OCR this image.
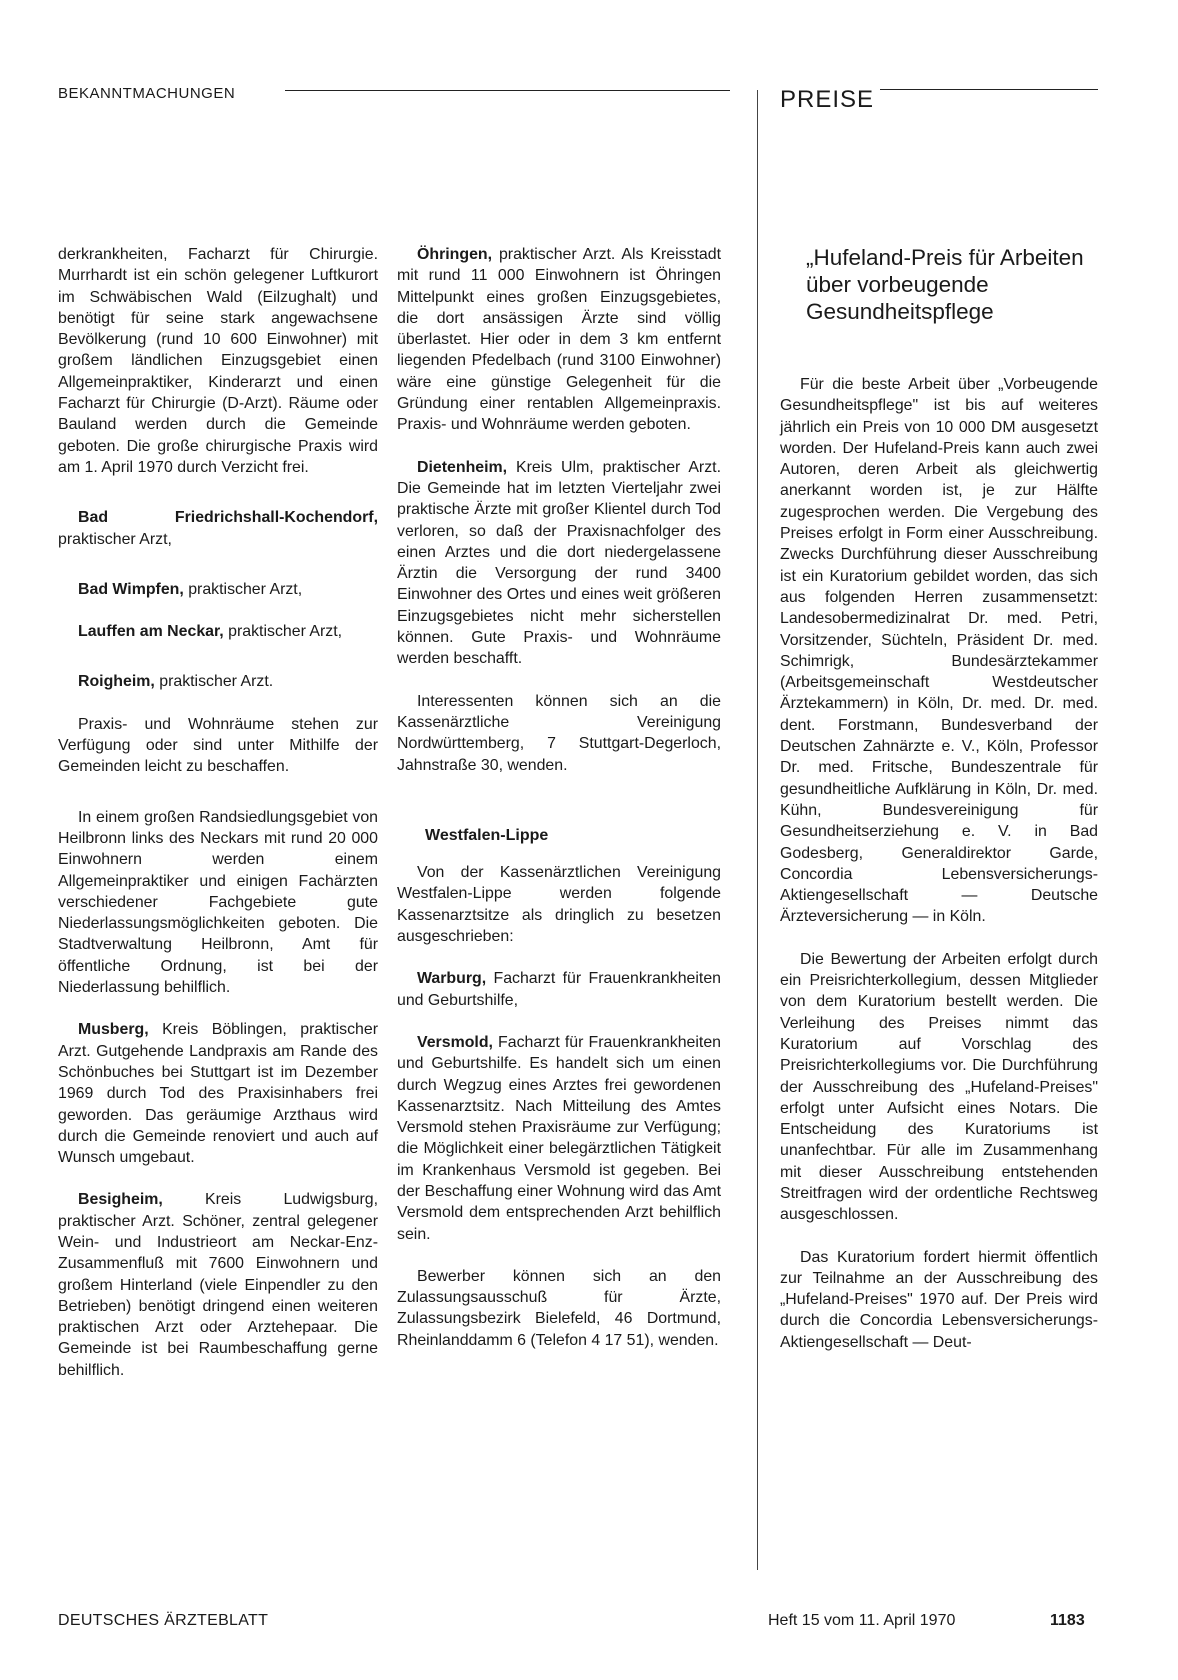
BEKANNTMACHUNGEN	PREISE

derkrankheiten, Facharzt für Chirurgie. Murrhardt ist ein schön gelegener Luftkurort im Schwäbischen Wald (Eilzughalt) und benötigt für seine stark angewachsene Bevölkerung (rund 10 600 Einwohner) mit großem ländlichen Einzugsgebiet einen Allgemeinpraktiker, Kinderarzt und einen Facharzt für Chirurgie (D-Arzt). Räume oder Bauland werden durch die Gemeinde geboten. Die große chirurgische Praxis wird am 1. April 1970 durch Verzicht frei.

Bad Friedrichshall-Kochendorf, praktischer Arzt,

Bad Wimpfen, praktischer Arzt,

Lauffen am Neckar, praktischer Arzt,

Roigheim, praktischer Arzt.

Praxis- und Wohnräume stehen zur Verfügung oder sind unter Mithilfe der Gemeinden leicht zu beschaffen.

In einem großen Randsiedlungsgebiet von Heilbronn links des Neckars mit rund 20 000 Einwohnern werden einem Allgemeinpraktiker und einigen Fachärzten verschiedener Fachgebiete gute Niederlassungsmöglichkeiten geboten. Die Stadtverwaltung Heilbronn, Amt für öffentliche Ordnung, ist bei der Niederlassung behilflich.

Musberg, Kreis Böblingen, praktischer Arzt. Gutgehende Landpraxis am Rande des Schönbuches bei Stuttgart ist im Dezember 1969 durch Tod des Praxisinhabers frei geworden. Das geräumige Arzthaus wird durch die Gemeinde renoviert und auch auf Wunsch umgebaut.

Besigheim, Kreis Ludwigsburg, praktischer Arzt. Schöner, zentral gelegener Wein- und Industrieort am Neckar-Enz-Zusammenfluß mit 7600 Einwohnern und großem Hinterland (viele Einpendler zu den Betrieben) benötigt dringend einen weiteren praktischen Arzt oder Arztehepaar. Die Gemeinde ist bei Raumbeschaffung gerne behilflich.

Öhringen, praktischer Arzt. Als Kreisstadt mit rund 11 000 Einwohnern ist Öhringen Mittelpunkt eines großen Einzugsgebietes, die dort ansässigen Ärzte sind völlig überlastet. Hier oder in dem 3 km entfernt liegenden Pfedelbach (rund 3100 Einwohner) wäre eine günstige Gelegenheit für die Gründung einer rentablen Allgemeinpraxis. Praxis- und Wohnräume werden geboten.

Dietenheim, Kreis Ulm, praktischer Arzt. Die Gemeinde hat im letzten Vierteljahr zwei praktische Ärzte mit großer Klientel durch Tod verloren, so daß der Praxisnachfolger des einen Arztes und die dort niedergelassene Ärztin die Versorgung der rund 3400 Einwohner des Ortes und eines weit größeren Einzugsgebietes nicht mehr sicherstellen können. Gute Praxis- und Wohnräume werden beschafft.

Interessenten können sich an die Kassenärztliche Vereinigung Nordwürttemberg, 7 Stuttgart-Degerloch, Jahnstraße 30, wenden.

Westfalen-Lippe

Von der Kassenärztlichen Vereinigung Westfalen-Lippe werden folgende Kassenarztsitze als dringlich zu besetzen ausgeschrieben:

Warburg, Facharzt für Frauenkrankheiten und Geburtshilfe,

Versmold, Facharzt für Frauenkrankheiten und Geburtshilfe. Es handelt sich um einen durch Wegzug eines Arztes frei gewordenen Kassenarztsitz. Nach Mitteilung des Amtes Versmold stehen Praxisräume zur Verfügung; die Möglichkeit einer belegärztlichen Tätigkeit im Krankenhaus Versmold ist gegeben. Bei der Beschaffung einer Wohnung wird das Amt Versmold dem entsprechenden Arzt behilflich sein.

Bewerber können sich an den Zulassungsausschuß für Ärzte, Zulassungsbezirk Bielefeld, 46 Dortmund, Rheinlanddamm 6 (Telefon 4 17 51), wenden.

„Hufeland-Preis für Arbeiten über vorbeugende Gesundheitspflege

Für die beste Arbeit über „Vorbeugende Gesundheitspflege" ist bis auf weiteres jährlich ein Preis von 10 000 DM ausgesetzt worden. Der Hufeland-Preis kann auch zwei Autoren, deren Arbeit als gleichwertig anerkannt worden ist, je zur Hälfte zugesprochen werden. Die Vergebung des Preises erfolgt in Form einer Ausschreibung. Zwecks Durchführung dieser Ausschreibung ist ein Kuratorium gebildet worden, das sich aus folgenden Herren zusammensetzt: Landesobermedizinalrat Dr. med. Petri, Vorsitzender, Süchteln, Präsident Dr. med. Schimrigk, Bundesärztekammer (Arbeitsgemeinschaft Westdeutscher Ärztekammern) in Köln, Dr. med. Dr. med. dent. Forstmann, Bundesverband der Deutschen Zahnärzte e. V., Köln, Professor Dr. med. Fritsche, Bundeszentrale für gesundheitliche Aufklärung in Köln, Dr. med. Kühn, Bundesvereinigung für Gesundheitserziehung e. V. in Bad Godesberg, Generaldirektor Garde, Concordia Lebensversicherungs-Aktiengesellschaft — Deutsche Ärzteversicherung — in Köln.

Die Bewertung der Arbeiten erfolgt durch ein Preisrichterkollegium, dessen Mitglieder von dem Kuratorium bestellt werden. Die Verleihung des Preises nimmt das Kuratorium auf Vorschlag des Preisrichterkollegiums vor. Die Durchführung der Ausschreibung des „Hufeland-Preises" erfolgt unter Aufsicht eines Notars. Die Entscheidung des Kuratoriums ist unanfechtbar. Für alle im Zusammenhang mit dieser Ausschreibung entstehenden Streitfragen wird der ordentliche Rechtsweg ausgeschlossen.

Das Kuratorium fordert hiermit öffentlich zur Teilnahme an der Ausschreibung des „Hufeland-Preises" 1970 auf. Der Preis wird durch die Concordia Lebensversicherungs-Aktiengesellschaft — Deut-

DEUTSCHES ÄRZTEBLATT	Heft 15 vom 11. April 1970	1183
